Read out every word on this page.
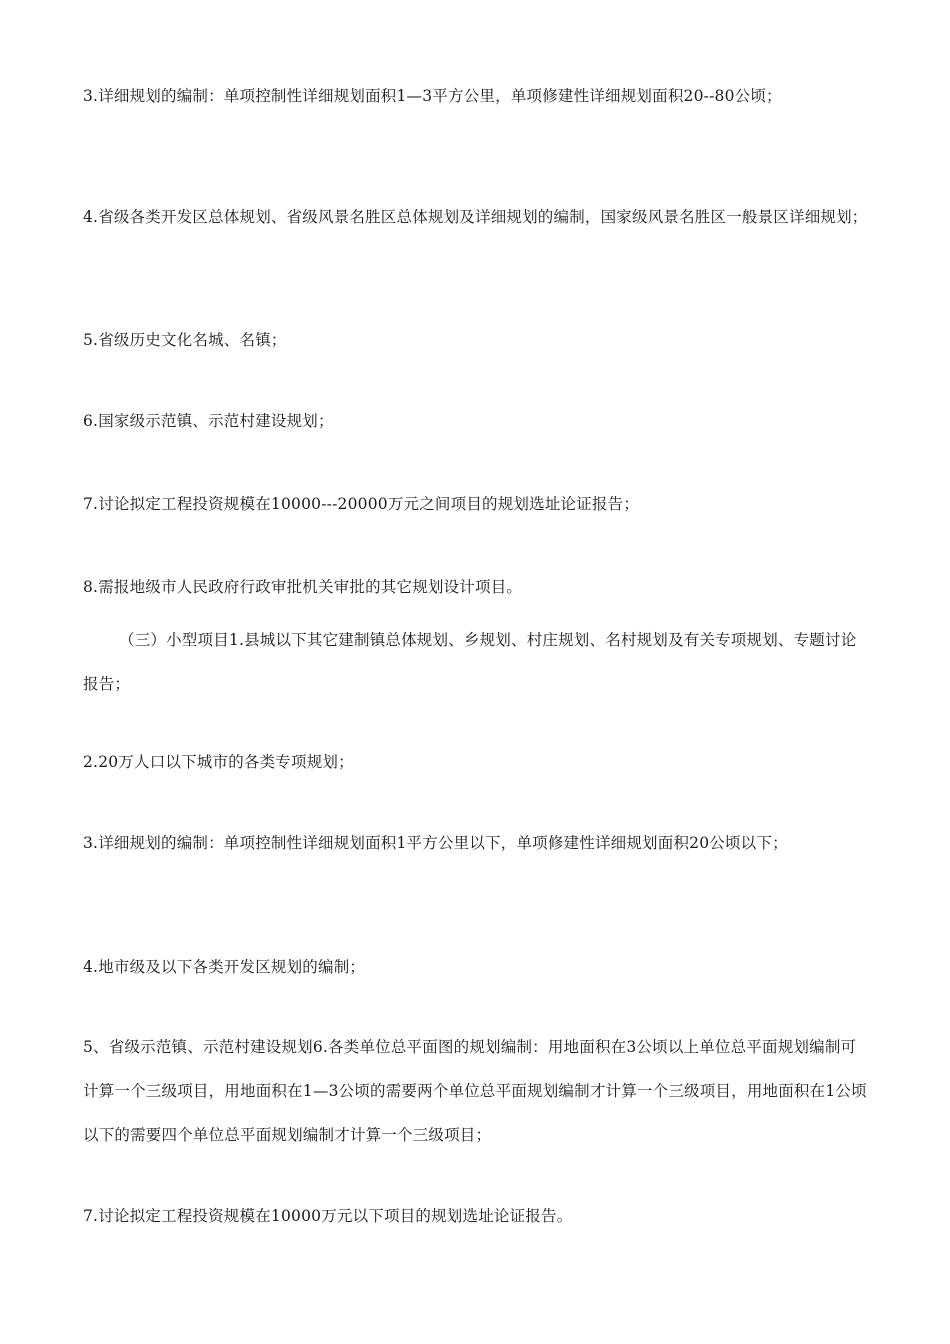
3.详细规划的编制：单项控制性详细规划面积1—3平方公里，单项修建性详细规划面积20--80公顷；

4.省级各类开发区总体规划、省级风景名胜区总体规划及详细规划的编制，国家级风景名胜区一般景区详细规划；

5.省级历史文化名城、名镇；

6.国家级示范镇、示范村建设规划；

7.讨论拟定工程投资规模在10000---20000万元之间项目的规划选址论证报告；

8.需报地级市人民政府行政审批机关审批的其它规划设计项目。

（三）小型项目1.县城以下其它建制镇总体规划、乡规划、村庄规划、名村规划及有关专项规划、专题讨论报告；

2.20万人口以下城市的各类专项规划；

3.详细规划的编制：单项控制性详细规划面积1平方公里以下，单项修建性详细规划面积20公顷以下；

4.地市级及以下各类开发区规划的编制；

5、省级示范镇、示范村建设规划6.各类单位总平面图的规划编制：用地面积在3公顷以上单位总平面规划编制可计算一个三级项目，用地面积在1—3公顷的需要两个单位总平面规划编制才计算一个三级项目，用地面积在1公顷以下的需要四个单位总平面规划编制才计算一个三级项目；

7.讨论拟定工程投资规模在10000万元以下项目的规划选址论证报告。
